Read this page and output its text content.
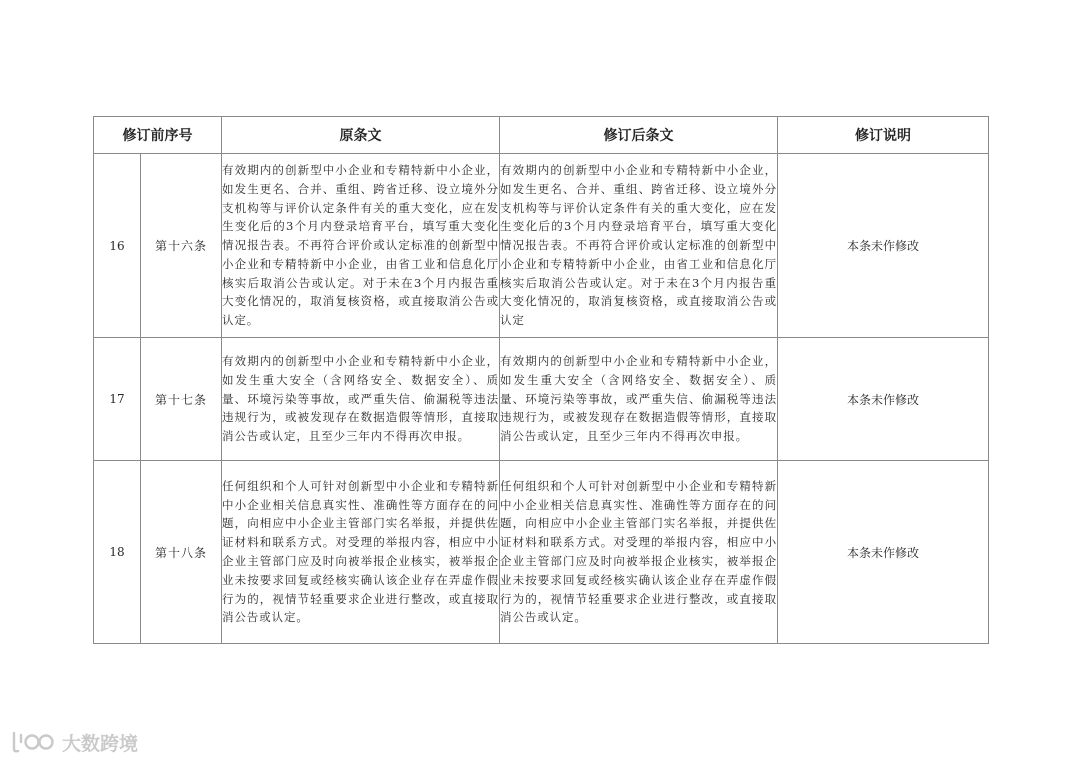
修订前序号		原条文	修订后条文	修订说明
16	第十六条	有效期内的创新型中小企业和专精特新中小企业，如发生更名、合并、重组、跨省迁移、设立境外分支机构等与评价认定条件有关的重大变化，应在发生变化后的3个月内登录培育平台，填写重大变化情况报告表。不再符合评价或认定标准的创新型中小企业和专精特新中小企业，由省工业和信息化厅核实后取消公告或认定。对于未在3个月内报告重大变化情况的，取消复核资格，或直接取消公告或认定。	有效期内的创新型中小企业和专精特新中小企业，如发生更名、合并、重组、跨省迁移、设立境外分支机构等与评价认定条件有关的重大变化，应在发生变化后的3个月内登录培育平台，填写重大变化情况报告表。不再符合评价或认定标准的创新型中小企业和专精特新中小企业，由省工业和信息化厅核实后取消公告或认定。对于未在3个月内报告重大变化情况的，取消复核资格，或直接取消公告或认定	本条未作修改
17	第十七条	有效期内的创新型中小企业和专精特新中小企业，如发生重大安全（含网络安全、数据安全）、质量、环境污染等事故，或严重失信、偷漏税等违法违规行为，或被发现存在数据造假等情形，直接取消公告或认定，且至少三年内不得再次申报。	有效期内的创新型中小企业和专精特新中小企业，如发生重大安全（含网络安全、数据安全）、质量、环境污染等事故，或严重失信、偷漏税等违法违规行为，或被发现存在数据造假等情形，直接取消公告或认定，且至少三年内不得再次申报。	本条未作修改
18	第十八条	任何组织和个人可针对创新型中小企业和专精特新中小企业相关信息真实性、准确性等方面存在的问题，向相应中小企业主管部门实名举报，并提供佐证材料和联系方式。对受理的举报内容，相应中小企业主管部门应及时向被举报企业核实，被举报企业未按要求回复或经核实确认该企业存在弄虚作假行为的，视情节轻重要求企业进行整改，或直接取消公告或认定。	任何组织和个人可针对创新型中小企业和专精特新中小企业相关信息真实性、准确性等方面存在的问题，向相应中小企业主管部门实名举报，并提供佐证材料和联系方式。对受理的举报内容，相应中小企业主管部门应及时向被举报企业核实，被举报企业未按要求回复或经核实确认该企业存在弄虚作假行为的，视情节轻重要求企业进行整改，或直接取消公告或认定。	本条未作修改
大数跨境
